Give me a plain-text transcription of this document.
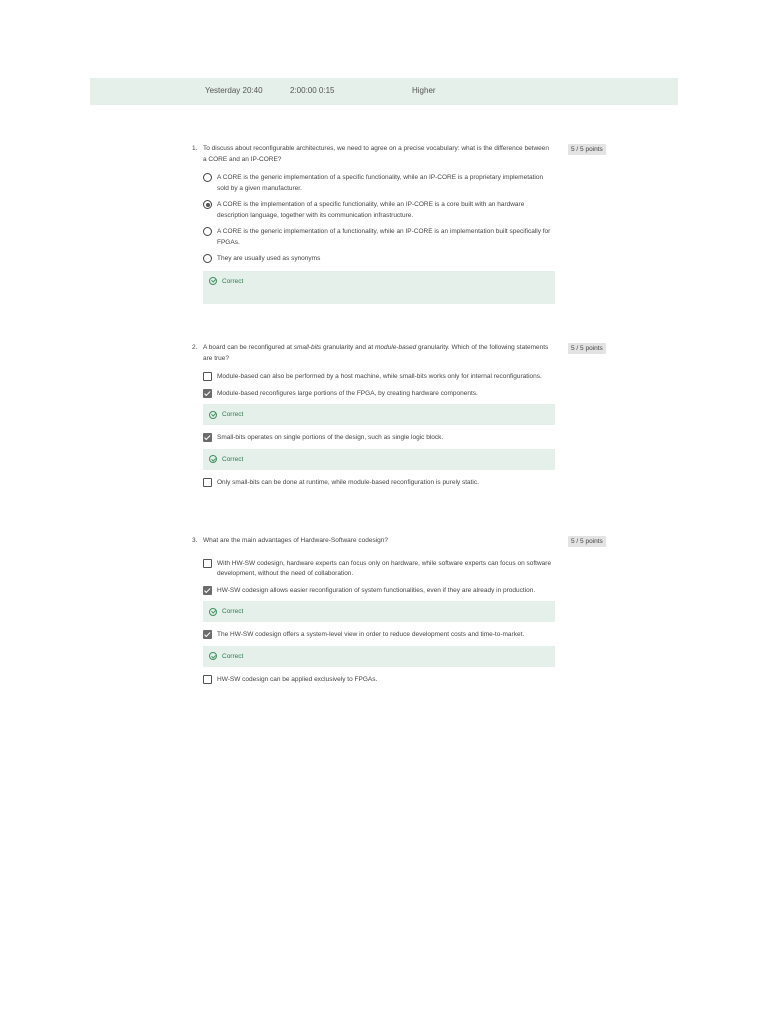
Yesterday 20:40	2:00:00 0:15	Higher
1. To discuss about reconfigurable architectures, we need to agree on a precise vocabulary: what is the difference between a CORE and an IP-CORE?
5 / 5 points
A CORE is the generic implementation of a specific functionality, while an IP-CORE is a proprietary implemetation sold by a given manufacturer.
A CORE is the implementation of a specific functionality, while an IP-CORE is a core built with an hardware description language, together with its communication infrastructure.
A CORE is the generic implementation of a functionality, while an IP-CORE is an implementation built specifically for FPGAs.
They are usually used as synonyms
Correct
2. A board can be reconfigured at small-bits granularity and at module-based granularity. Which of the following statements are true?
5 / 5 points
Module-based can also be performed by a host machine, while small-bits works only for internal reconfigurations.
Module-based reconfigures large portions of the FPGA, by creating hardware components.
Correct
Small-bits operates on single portions of the design, such as single logic block.
Correct
Only small-bits can be done at runtime, while module-based reconfiguration is purely static.
3. What are the main advantages of Hardware-Software codesign?	5 / 5 points
With HW-SW codesign, hardware experts can focus only on hardware, while software experts can focus on software development, without the need of collaboration.
HW-SW codesign allows easier reconfiguration of system functionalities, even if they are already in production.
Correct
The HW-SW codesign offers a system-level view in order to reduce development costs and time-to-market.
Correct
HW-SW codesign can be applied exclusively to FPGAs.
